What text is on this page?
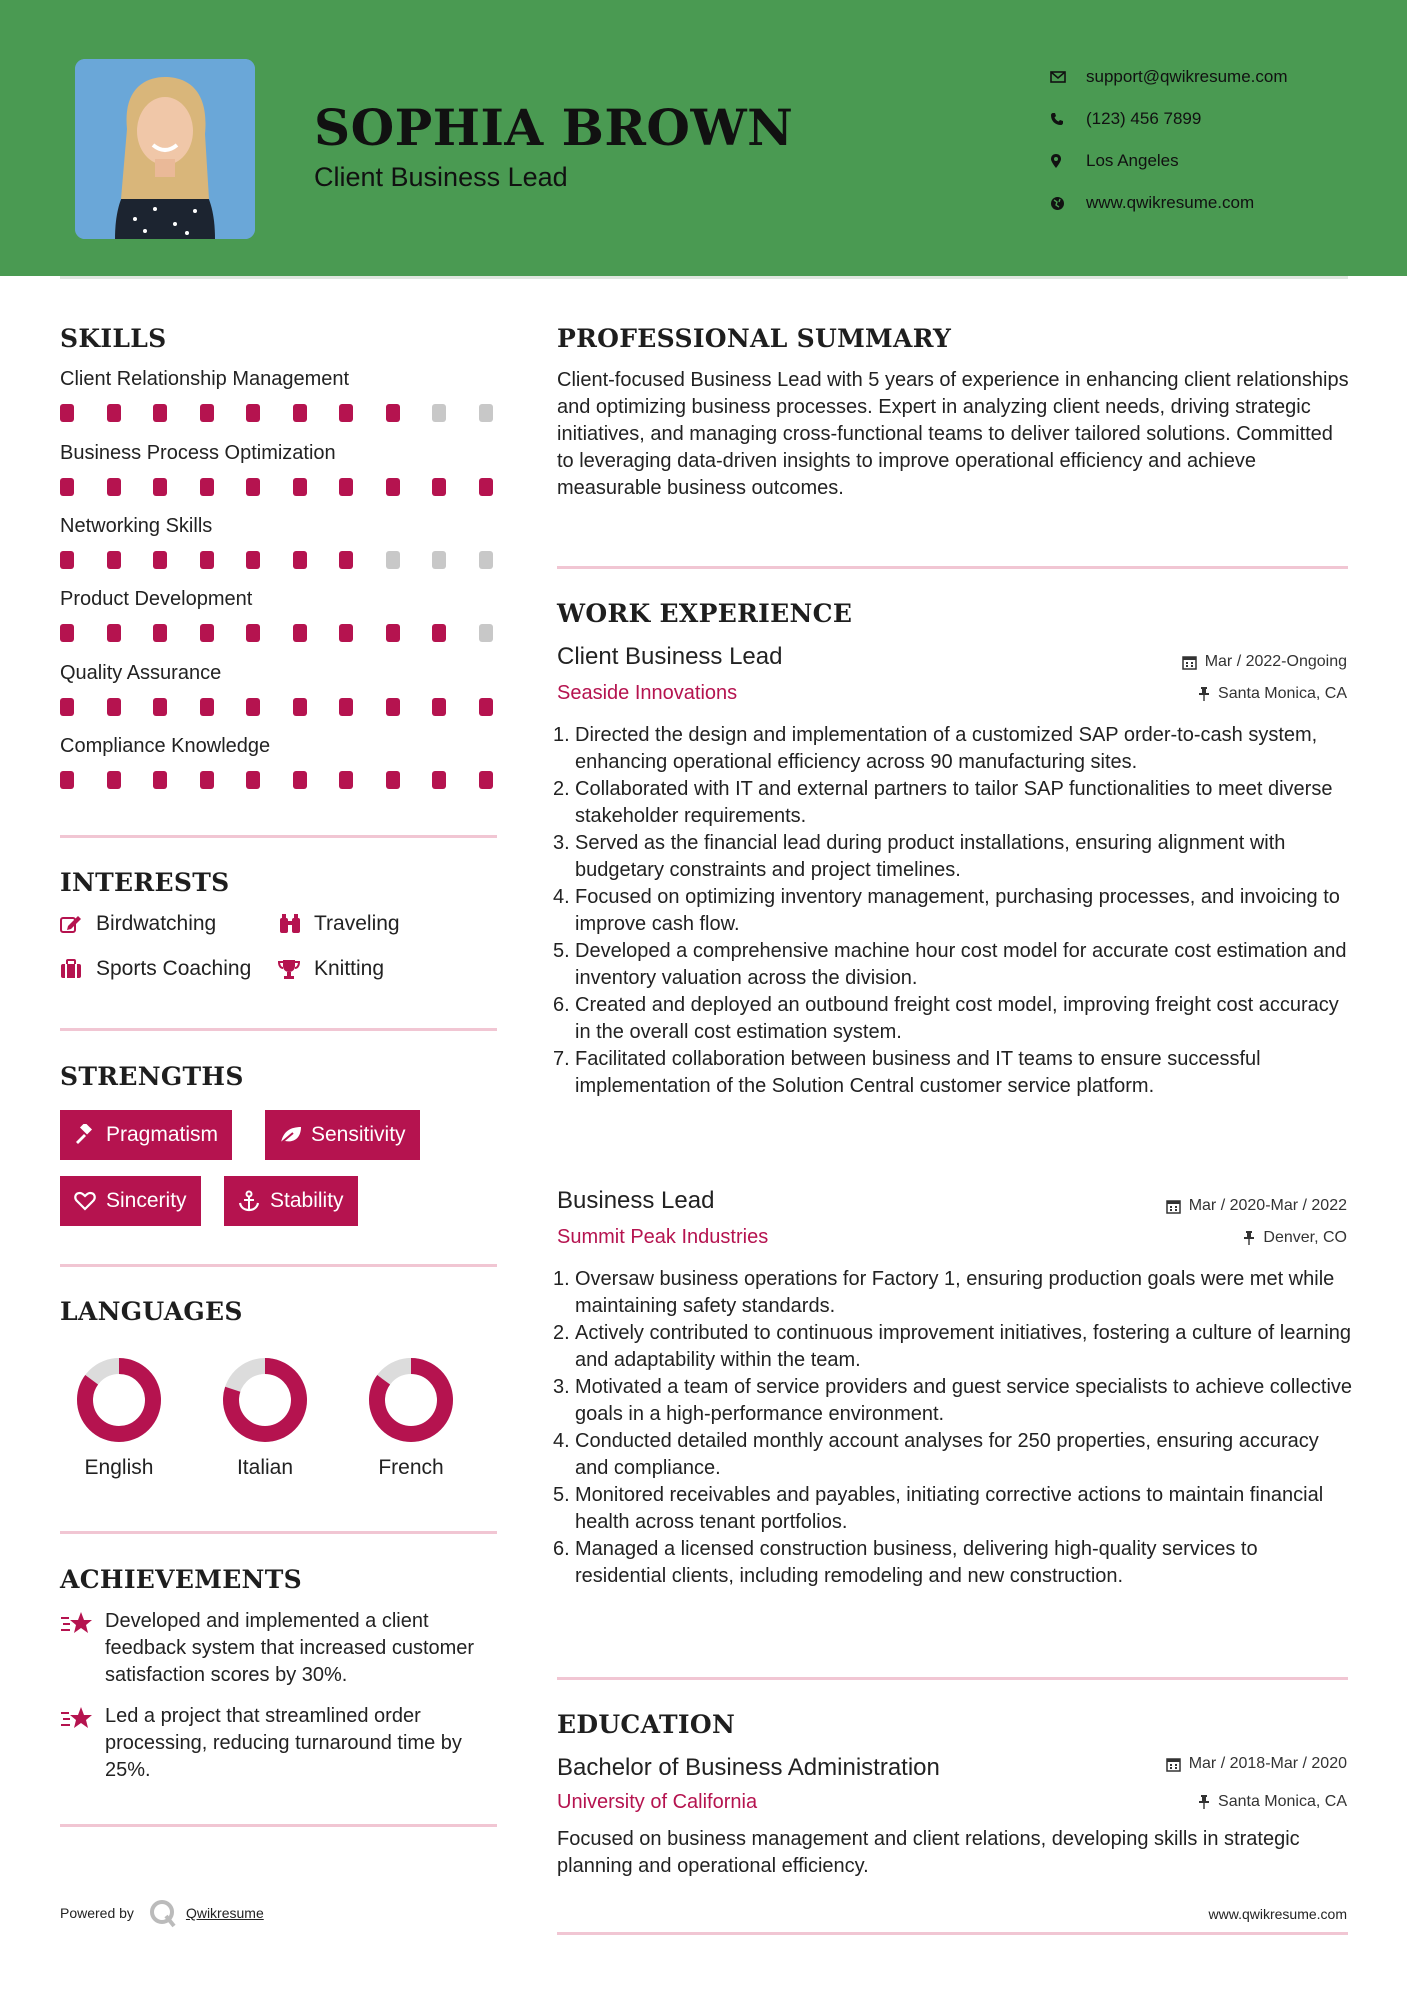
SOPHIA BROWN
Client Business Lead
support@qwikresume.com
(123) 456 7899
Los Angeles
www.qwikresume.com
SKILLS
Client Relationship Management
Business Process Optimization
Networking Skills
Product Development
Quality Assurance
Compliance Knowledge
INTERESTS
Birdwatching	Traveling
Sports Coaching	Knitting
STRENGTHS
Pragmatism	Sensitivity
Sincerity	Stability
LANGUAGES
English	Italian	French
ACHIEVEMENTS
Developed and implemented a client feedback system that increased customer satisfaction scores by 30%.
Led a project that streamlined order processing, reducing turnaround time by 25%.
PROFESSIONAL SUMMARY
Client-focused Business Lead with 5 years of experience in enhancing client relationships and optimizing business processes. Expert in analyzing client needs, driving strategic initiatives, and managing cross-functional teams to deliver tailored solutions. Committed to leveraging data-driven insights to improve operational efficiency and achieve measurable business outcomes.
WORK EXPERIENCE
Client Business Lead	Mar / 2022-Ongoing
Seaside Innovations	Santa Monica, CA
1. Directed the design and implementation of a customized SAP order-to-cash system, enhancing operational efficiency across 90 manufacturing sites.
2. Collaborated with IT and external partners to tailor SAP functionalities to meet diverse stakeholder requirements.
3. Served as the financial lead during product installations, ensuring alignment with budgetary constraints and project timelines.
4. Focused on optimizing inventory management, purchasing processes, and invoicing to improve cash flow.
5. Developed a comprehensive machine hour cost model for accurate cost estimation and inventory valuation across the division.
6. Created and deployed an outbound freight cost model, improving freight cost accuracy in the overall cost estimation system.
7. Facilitated collaboration between business and IT teams to ensure successful implementation of the Solution Central customer service platform.
Business Lead	Mar / 2020-Mar / 2022
Summit Peak Industries	Denver, CO
1. Oversaw business operations for Factory 1, ensuring production goals were met while maintaining safety standards.
2. Actively contributed to continuous improvement initiatives, fostering a culture of learning and adaptability within the team.
3. Motivated a team of service providers and guest service specialists to achieve collective goals in a high-performance environment.
4. Conducted detailed monthly account analyses for 250 properties, ensuring accuracy and compliance.
5. Monitored receivables and payables, initiating corrective actions to maintain financial health across tenant portfolios.
6. Managed a licensed construction business, delivering high-quality services to residential clients, including remodeling and new construction.
EDUCATION
Bachelor of Business Administration	Mar / 2018-Mar / 2020
University of California	Santa Monica, CA
Focused on business management and client relations, developing skills in strategic planning and operational efficiency.
Powered by	Qwikresume	www.qwikresume.com
